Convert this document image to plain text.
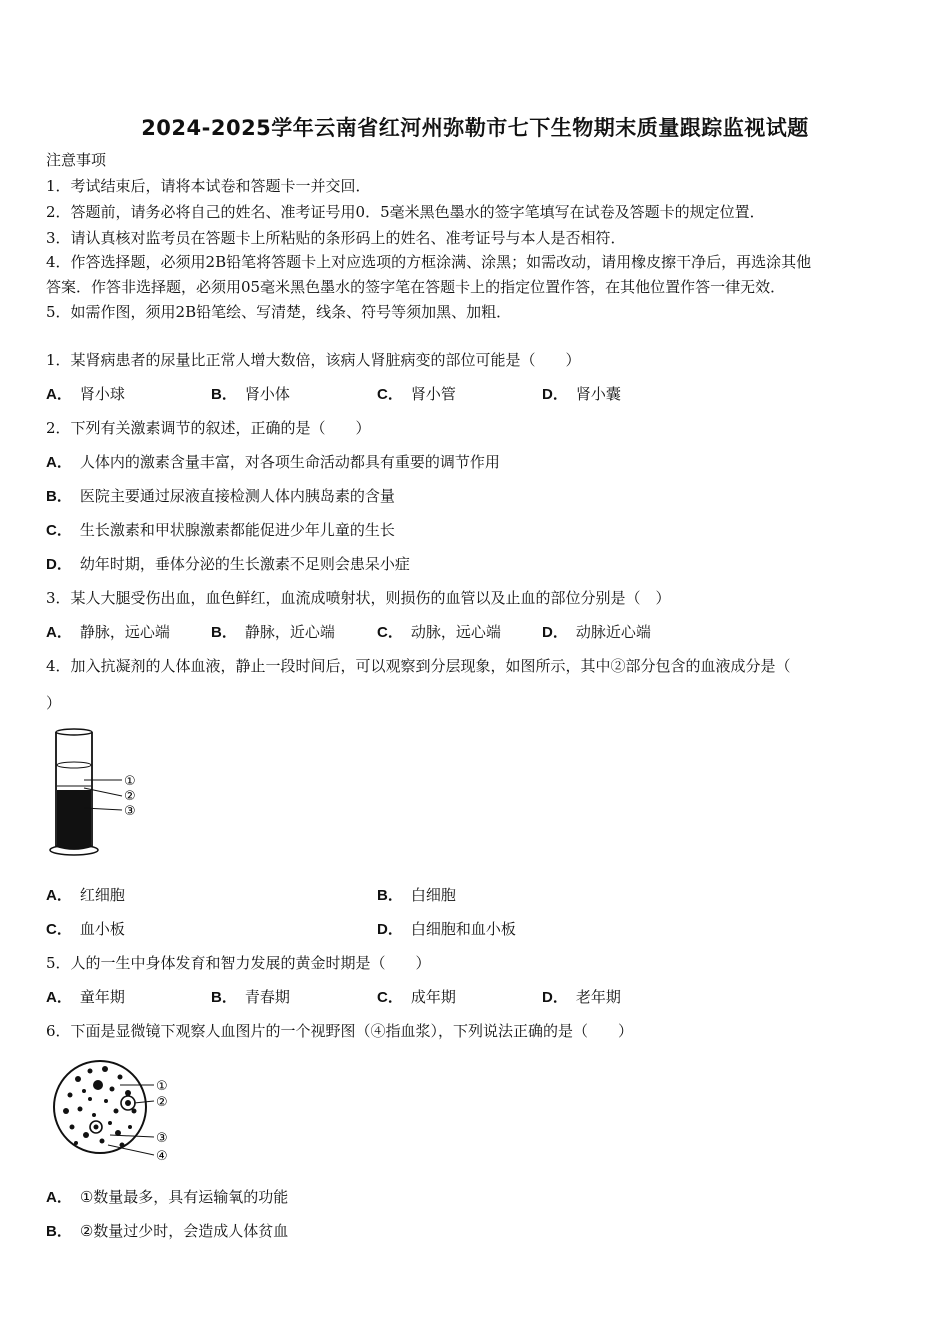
2024-2025学年云南省红河州弥勒市七下生物期末质量跟踪监视试题
注意事项
1．考试结束后，请将本试卷和答题卡一并交回．
2．答题前，请务必将自己的姓名、准考证号用0．5毫米黑色墨水的签字笔填写在试卷及答题卡的规定位置．
3．请认真核对监考员在答题卡上所粘贴的条形码上的姓名、准考证号与本人是否相符．
4．作答选择题，必须用2B铅笔将答题卡上对应选项的方框涂满、涂黑；如需改动，请用橡皮擦干净后，再选涂其他
答案．作答非选择题，必须用05毫米黑色墨水的签字笔在答题卡上的指定位置作答，在其他位置作答一律无效．
5．如需作图，须用2B铅笔绘、写清楚，线条、符号等须加黑、加粗．
1．某肾病患者的尿量比正常人增大数倍，该病人肾脏病变的部位可能是（　　）
A． 肾小球	B． 肾小体	C． 肾小管	D． 肾小囊
2．下列有关激素调节的叙述，正确的是（　　）
A． 人体内的激素含量丰富，对各项生命活动都具有重要的调节作用
B． 医院主要通过尿液直接检测人体内胰岛素的含量
C． 生长激素和甲状腺激素都能促进少年儿童的生长
D． 幼年时期，垂体分泌的生长激素不足则会患呆小症
3．某人大腿受伤出血，血色鲜红，血流成喷射状，则损伤的血管以及止血的部位分别是（　）
A． 静脉，远心端	B． 静脉，近心端	C． 动脉，远心端	D． 动脉近心端
4．加入抗凝剂的人体血液，静止一段时间后，可以观察到分层现象，如图所示，其中②部分包含的血液成分是（
）
①
②
③
A． 红细胞	B． 白细胞
C． 血小板	D． 白细胞和血小板
5．人的一生中身体发育和智力发展的黄金时期是（　　）
A． 童年期	B． 青春期	C． 成年期	D． 老年期
6．下面是显微镜下观察人血图片的一个视野图（④指血浆），下列说法正确的是（　　）
①
②
③
④
A． ①数量最多，具有运输氧的功能
B． ②数量过少时，会造成人体贫血
